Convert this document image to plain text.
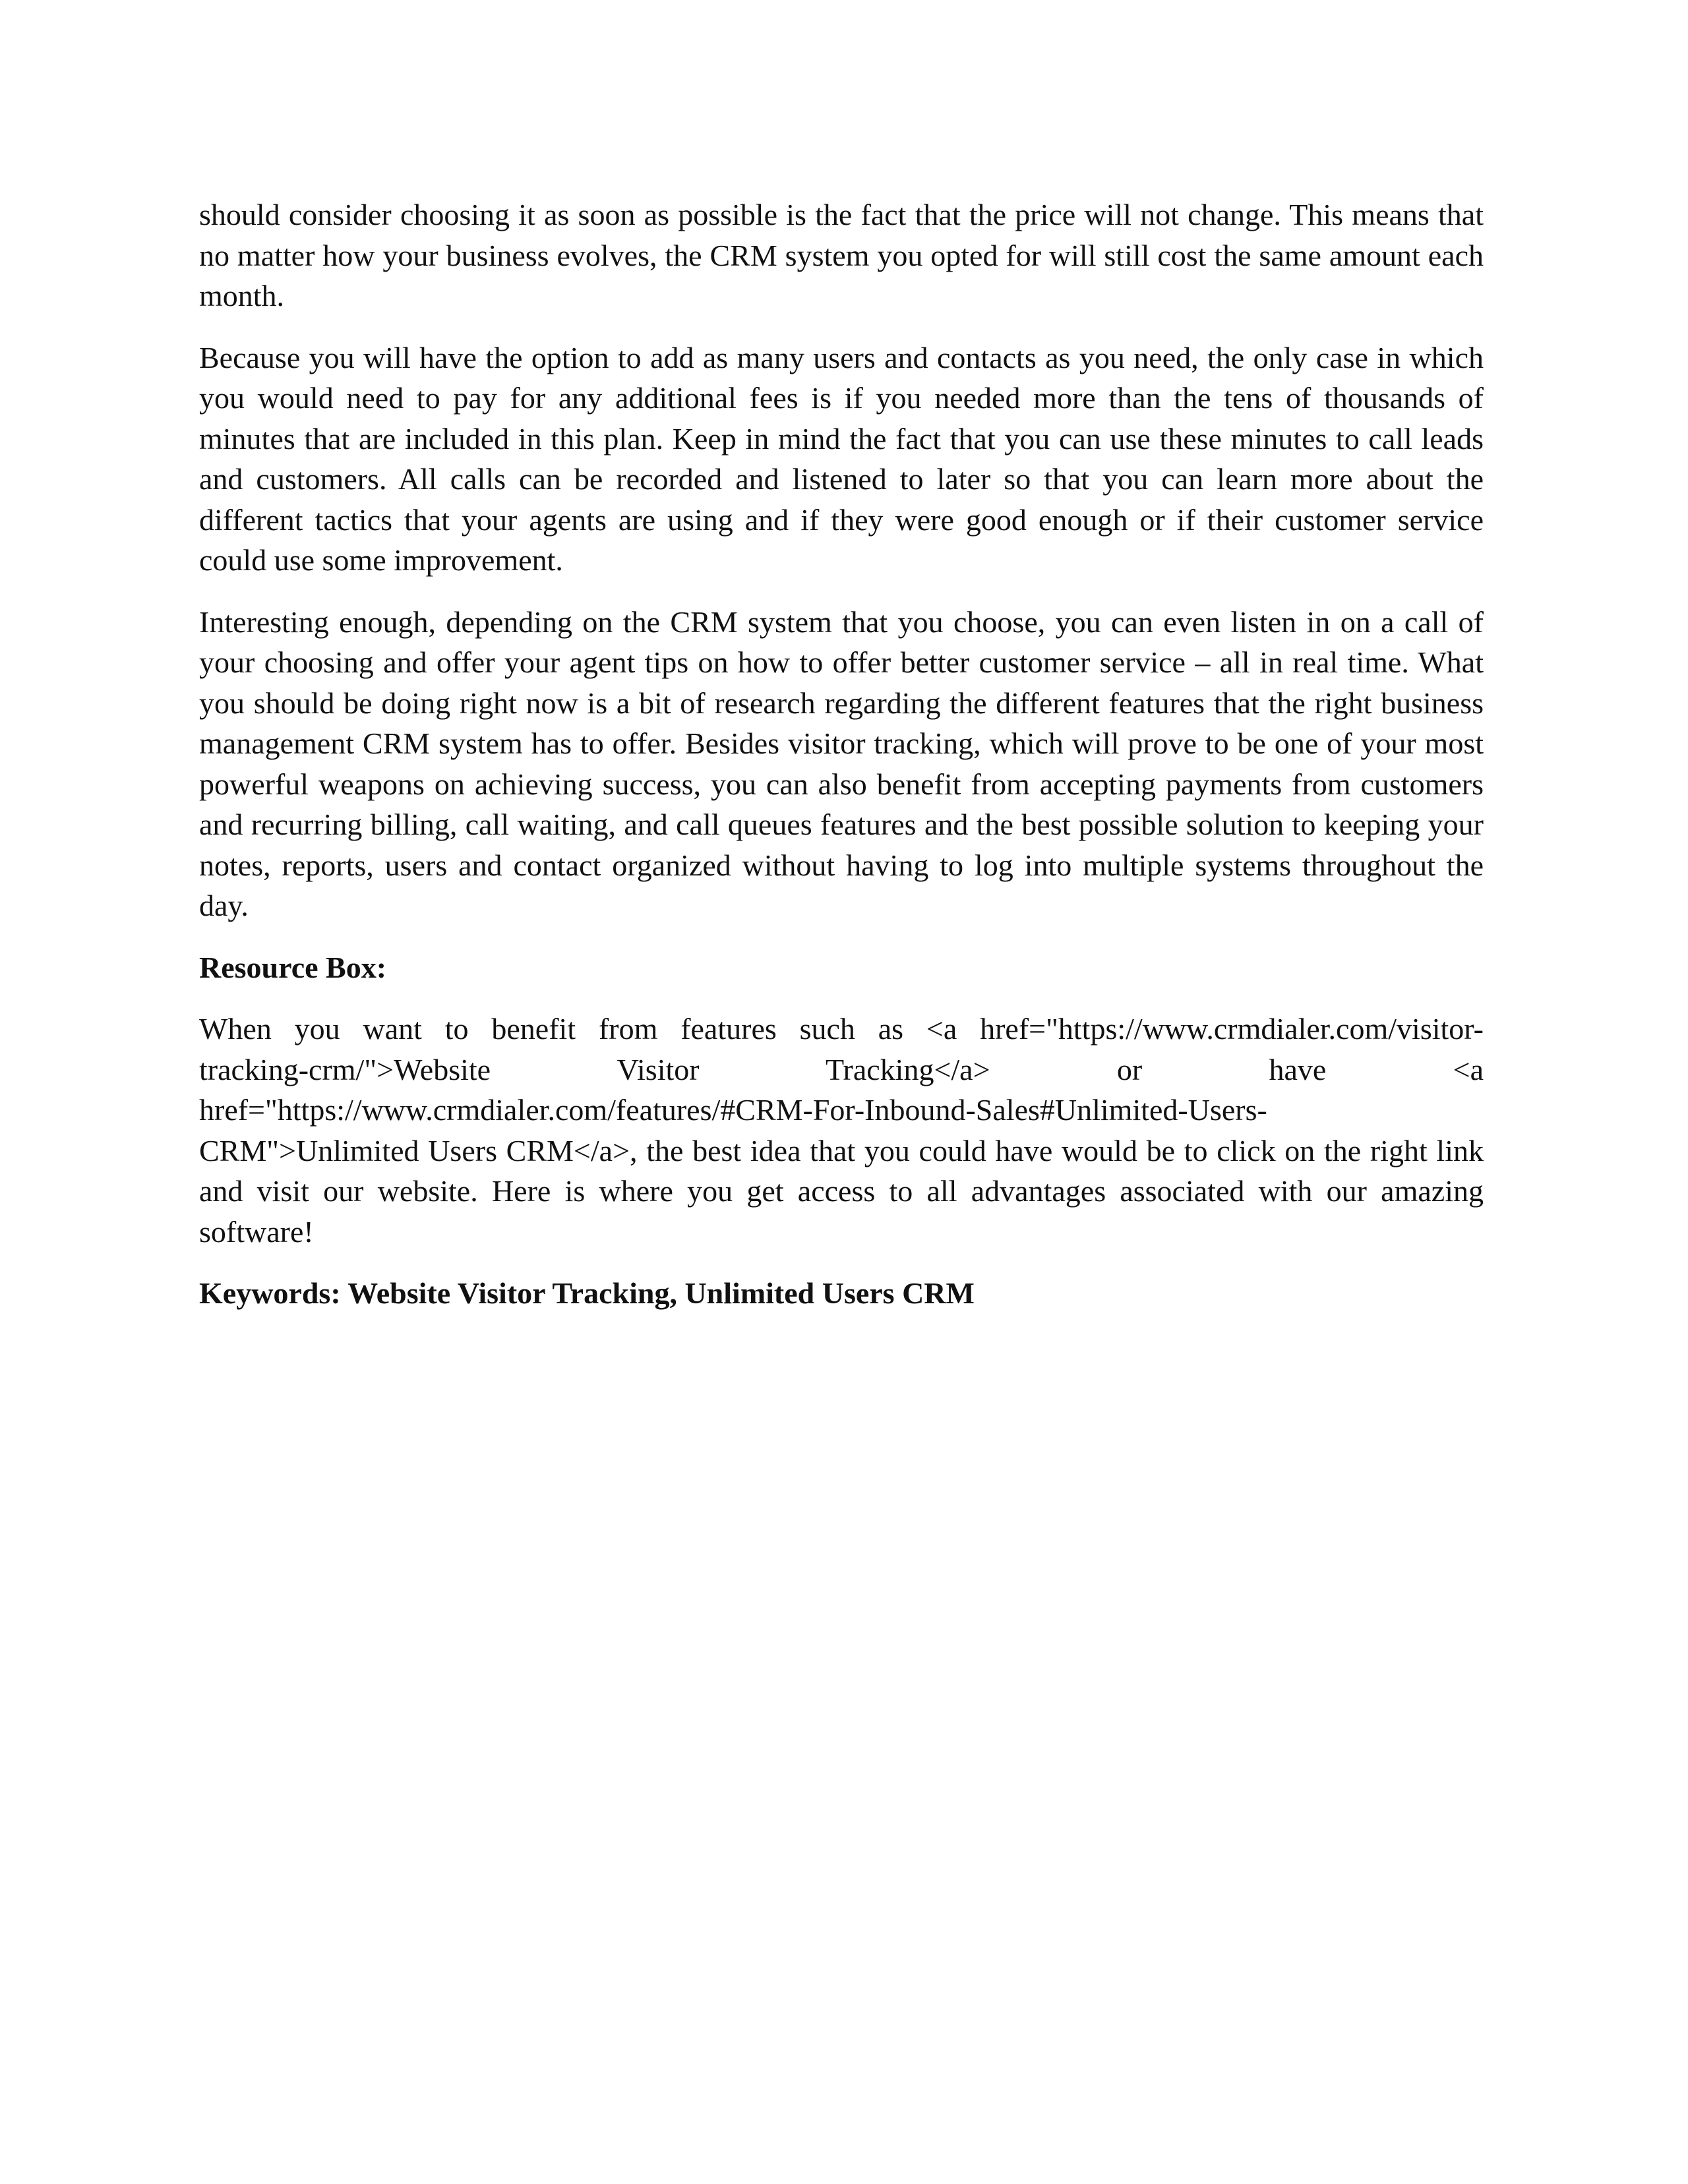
should consider choosing it as soon as possible is the fact that the price will not change. This means that no matter how your business evolves, the CRM system you opted for will still cost the same amount each month.

Because you will have the option to add as many users and contacts as you need, the only case in which you would need to pay for any additional fees is if you needed more than the tens of thousands of minutes that are included in this plan. Keep in mind the fact that you can use these minutes to call leads and customers. All calls can be recorded and listened to later so that you can learn more about the different tactics that your agents are using and if they were good enough or if their customer service could use some improvement.

Interesting enough, depending on the CRM system that you choose, you can even listen in on a call of your choosing and offer your agent tips on how to offer better customer service – all in real time. What you should be doing right now is a bit of research regarding the different features that the right business management CRM system has to offer. Besides visitor tracking, which will prove to be one of your most powerful weapons on achieving success, you can also benefit from accepting payments from customers and recurring billing, call waiting, and call queues features and the best possible solution to keeping your notes, reports, users and contact organized without having to log into multiple systems throughout the day.

Resource Box:

When you want to benefit from features such as <a href="https://www.crmdialer.com/visitor-
tracking-crm/">Website Visitor Tracking</a> or have <a
href="https://www.crmdialer.com/features/#CRM-For-Inbound-Sales#Unlimited-Users-
CRM">Unlimited Users CRM</a>, the best idea that you could have would be to click on the right link and visit our website. Here is where you get access to all advantages associated with our amazing software!

Keywords: Website Visitor Tracking, Unlimited Users CRM
